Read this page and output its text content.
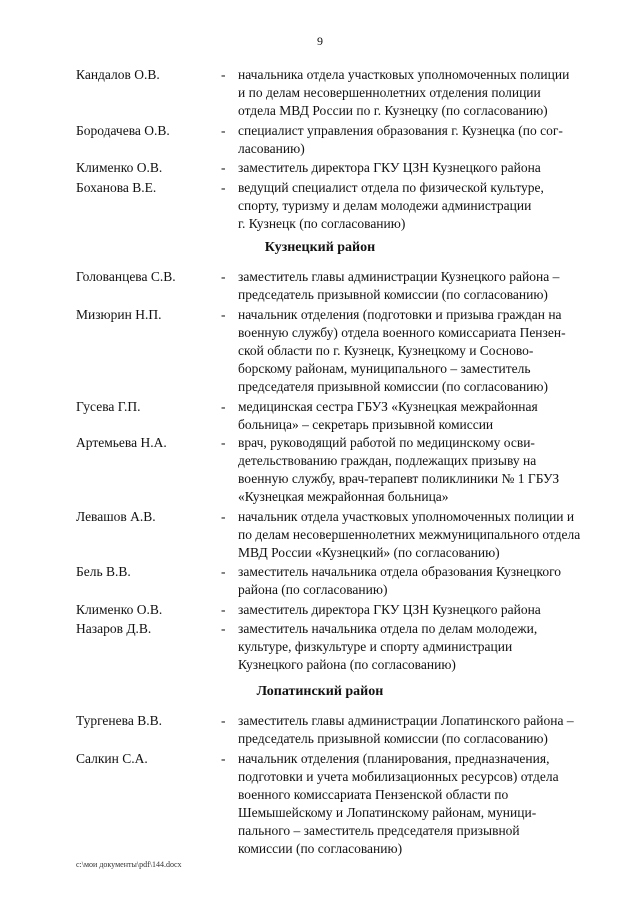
9
Кандалов О.В.	- начальника отдела участковых уполномоченных полиции
и по делам несовершеннолетних отделения полиции
отдела МВД России по г. Кузнецку (по согласованию)
Бородачева О.В.	- специалист управления образования г. Кузнецка (по сог-
ласованию)
Клименко О.В.	- заместитель директора ГКУ ЦЗН Кузнецкого района
Боханова В.Е.	- ведущий специалист отдела по физической культуре,
спорту, туризму и делам молодежи администрации
г. Кузнецк (по согласованию)
Кузнецкий район
Голованцева С.В.	- заместитель главы администрации Кузнецкого района –
председатель призывной комиссии (по согласованию)
Мизюрин Н.П.	- начальник отделения (подготовки и призыва граждан на
военную службу) отдела военного комиссариата Пензен-
ской области по г. Кузнецк, Кузнецкому и Сосново-
борскому районам, муниципального – заместитель
председателя призывной комиссии (по согласованию)
Гусева Г.П.	- медицинская сестра ГБУЗ «Кузнецкая межрайонная
больница» – секретарь призывной комиссии
Артемьева Н.А.	- врач, руководящий работой по медицинскому осви-
детельствованию граждан, подлежащих призыву на
военную службу, врач-терапевт поликлиники № 1 ГБУЗ
«Кузнецкая межрайонная больница»
Левашов А.В.	- начальник отдела участковых уполномоченных полиции и
по делам несовершеннолетних межмуниципального отдела
МВД России «Кузнецкий» (по согласованию)
Бель В.В.	- заместитель начальника отдела образования Кузнецкого
района (по согласованию)
Клименко О.В.	- заместитель директора ГКУ ЦЗН Кузнецкого района
Назаров Д.В.	- заместитель начальника отдела по делам молодежи,
культуре, физкультуре и спорту администрации
Кузнецкого района (по согласованию)
Лопатинский район
Тургенева В.В.	- заместитель главы администрации Лопатинского района –
председатель призывной комиссии (по согласованию)
Салкин С.А.	- начальник отделения (планирования, предназначения,
подготовки и учета мобилизационных ресурсов) отдела
военного комиссариата Пензенской области по
Шемышейскому и Лопатинскому районам, муници-
пального – заместитель председателя призывной
комиссии (по согласованию)
c:\мои документы\pdf\144.docx
